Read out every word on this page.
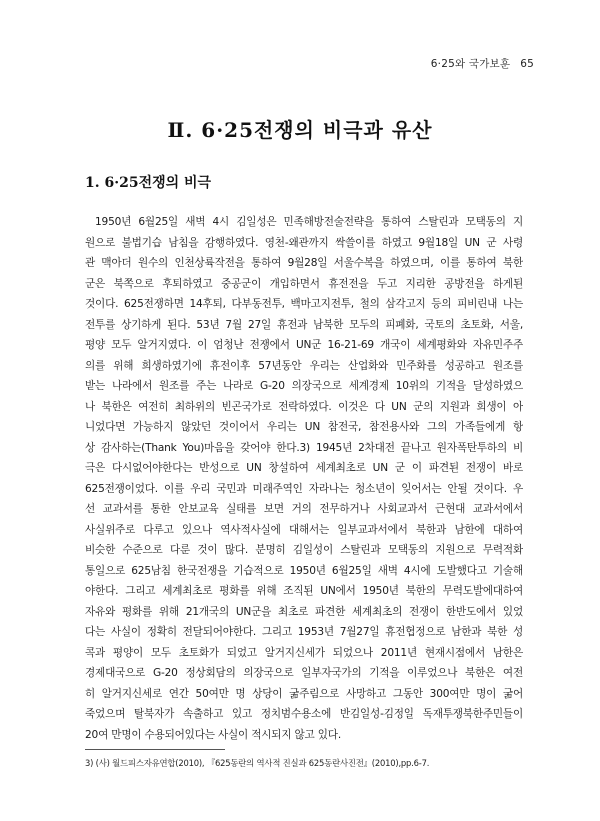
6·25와 국가보훈 65
Ⅱ. 6·25전쟁의 비극과 유산
1. 6·25전쟁의 비극
1950년 6월25일 새벽 4시 김일성은 민족해방전술전략을 통하여 스탈린과 모택동의 지
원으로 불법기습 남침을 감행하였다. 영천-왜관까지 싹쓸이를 하였고 9월18일 UN 군 사령
관 맥아더 원수의 인천상륙작전을 통하여 9월28일 서울수복을 하였으며, 이를 통하여 북한
군은 북쪽으로 후퇴하였고 중공군이 개입하면서 휴전전을 두고 지리한 공방전을 하게된
것이다. 625전쟁하면 14후퇴, 다부동전투, 백마고지전투, 철의 삼각고지 등의 피비린내 나는
전투를 상기하게 된다. 53년 7월 27일 휴전과 남북한 모두의 피폐화, 국토의 초토화, 서울,
평양 모두 알거지였다. 이 엄청난 전쟁에서 UN군 16-21-69 개국이 세계평화와 자유민주주
의를 위해 희생하였기에 휴전이후 57년동안 우리는 산업화와 민주화를 성공하고 원조를
받는 나라에서 원조를 주는 나라로 G-20 의장국으로 세계경제 10위의 기적을 달성하였으
나 북한은 여전히 최하위의 빈곤국가로 전락하였다. 이것은 다 UN 군의 지원과 희생이 아
니었다면 가능하지 않았던 것이어서 우리는 UN 참전국, 참전용사와 그의 가족들에게 항
상 감사하는(Thank You)마음을 갖어야 한다.3) 1945년 2차대전 끝나고 원자폭탄투하의 비
극은 다시없어야한다는 반성으로 UN 창설하여 세계최초로 UN 군 이 파견된 전쟁이 바로
625전쟁이었다. 이를 우리 국민과 미래주역인 자라나는 청소년이 잊어서는 안될 것이다. 우
선 교과서를 통한 안보교육 실태를 보면 거의 전무하거나 사회교과서 근현대 교과서에서
사실위주로 다루고 있으나 역사적사실에 대해서는 일부교과서에서 북한과 남한에 대하여
비슷한 수준으로 다룬 것이 많다. 분명히 김일성이 스탈린과 모택동의 지원으로 무력적화
통일으로 625남침 한국전쟁을 기습적으로 1950년 6월25일 새벽 4시에 도발했다고 기술해
야한다. 그리고 세계최초로 평화를 위해 조직된 UN에서 1950년 북한의 무력도발에대하여
자유와 평화를 위해 21개국의 UN군을 최초로 파견한 세계최초의 전쟁이 한반도에서 있었
다는 사실이 정확히 전달되어야한다. 그리고 1953년 7월27일 휴전협정으로 남한과 북한 성
콕과 평양이 모두 초토화가 되었고 알거지신세가 되었으나 2011년 현재시점에서 남한은
경제대국으로 G-20 정상회담의 의장국으로 일부자국가의 기적을 이루었으나 북한은 여전
히 알거지신세로 연간 50여만 명 상당이 굶주림으로 사망하고 그동안 300여만 명이 굶어
죽었으며 탈북자가 속출하고 있고 정치범수용소에 반김일성-김정일 독재투쟁북한주민들이
20여 만명이 수용되어있다는 사실이 적시되지 않고 있다.
3) (사) 월드피스자유연합(2010), 『625동란의 역사적 진실과 625동란사진전』(2010),pp.6-7.
